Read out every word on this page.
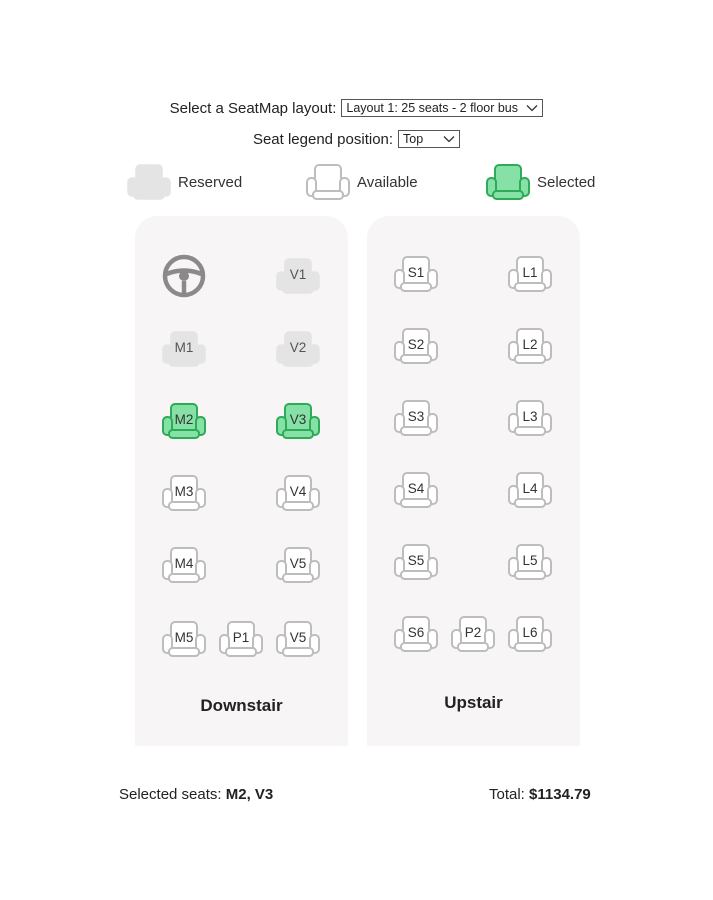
Select a SeatMap layout: Layout 1: 25 seats - 2 floor bus
Seat legend position: Top
Reserved	Available	Selected
V1
M1	V2
M2	V3
M3	V4
M4	V5
M5	P1	V5
Downstair
S1	L1
S2	L2
S3	L3
S4	L4
S5	L5
S6	P2	L6
Upstair
Selected seats: M2, V3	Total: $1134.79
